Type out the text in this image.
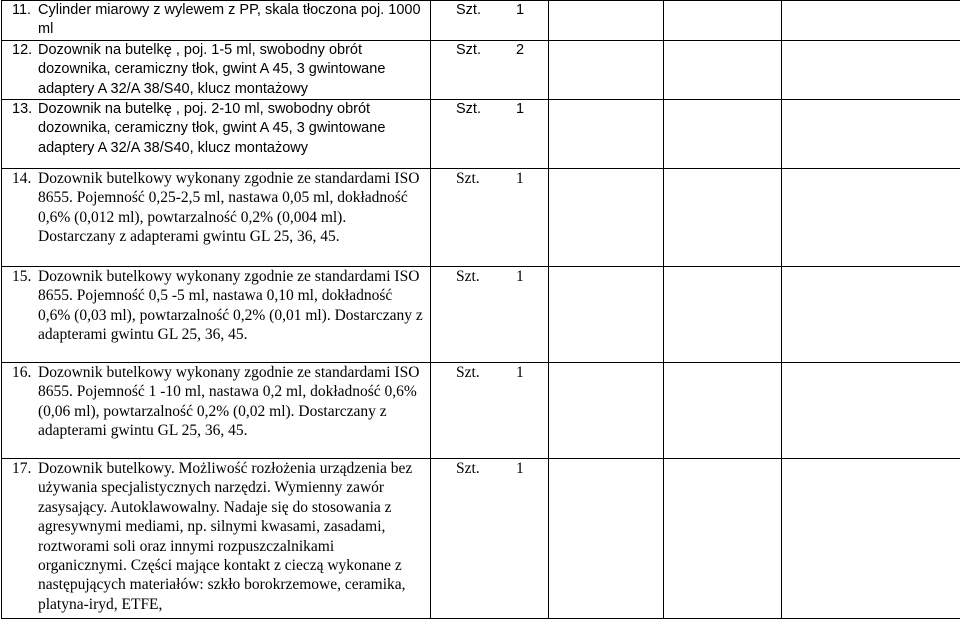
11. Cylinder miarowy z wylewem z PP, skala tłoczona poj. 1000 ml	Szt. 1			

12. Dozownik na butelkę , poj. 1-5 ml, swobodny obrót dozownika, ceramiczny tłok, gwint A 45, 3 gwintowane adaptery A 32/A 38/S40, klucz montażowy	Szt. 2			

13. Dozownik na butelkę , poj. 2-10 ml, swobodny obrót dozownika, ceramiczny tłok, gwint A 45, 3 gwintowane adaptery A 32/A 38/S40, klucz montażowy	Szt. 1			

14. Dozownik butelkowy wykonany zgodnie ze standardami ISO 8655. Pojemność 0,25-2,5 ml, nastawa 0,05 ml, dokładność 0,6% (0,012 ml), powtarzalność 0,2% (0,004 ml). Dostarczany z adapterami gwintu GL 25, 36, 45.	Szt. 1			

15. Dozownik butelkowy wykonany zgodnie ze standardami ISO 8655. Pojemność 0,5 -5 ml, nastawa 0,10 ml, dokładność 0,6% (0,03 ml), powtarzalność 0,2% (0,01 ml). Dostarczany z adapterami gwintu GL 25, 36, 45.	Szt. 1			

16. Dozownik butelkowy wykonany zgodnie ze standardami ISO 8655. Pojemność 1 -10 ml, nastawa 0,2 ml, dokładność 0,6% (0,06 ml), powtarzalność 0,2% (0,02 ml). Dostarczany z adapterami gwintu GL 25, 36, 45.	Szt. 1			

17. Dozownik butelkowy. Możliwość rozłożenia urządzenia bez używania specjalistycznych narzędzi. Wymienny zawór zasysający. Autoklawowalny. Nadaje się do stosowania z agresywnymi mediami, np. silnymi kwasami, zasadami, roztworami soli oraz innymi rozpuszczalnikami organicznymi. Części mające kontakt z cieczą wykonane z następujących materiałów: szkło borokrzemowe, ceramika, platyna-iryd, ETFE,	Szt. 1			
